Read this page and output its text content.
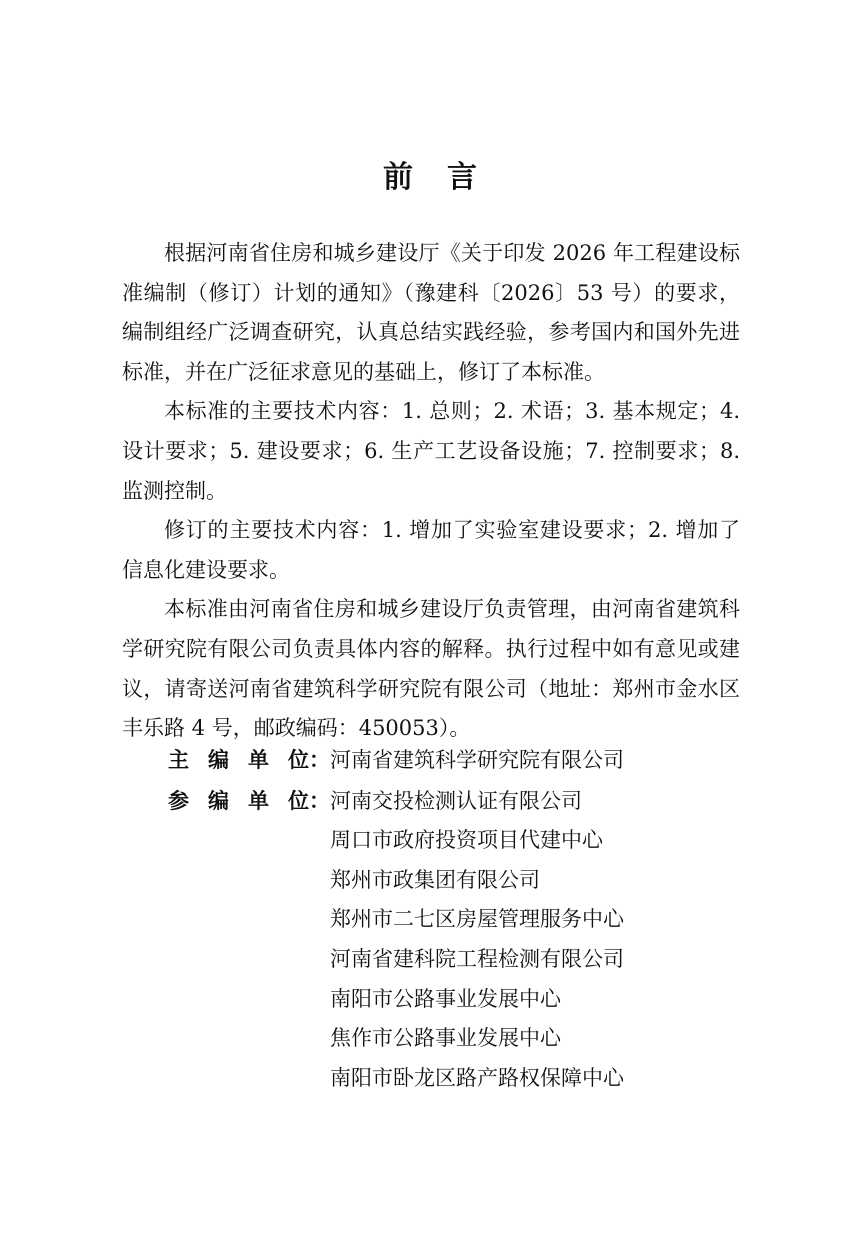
前言

根据河南省住房和城乡建设厅《关于印发 2026 年工程建设标准编制（修订）计划的通知》（豫建科〔2026〕53 号）的要求，编制组经广泛调查研究，认真总结实践经验，参考国内和国外先进标准，并在广泛征求意见的基础上，修订了本标准。

本标准的主要技术内容：1. 总则；2. 术语；3. 基本规定；4. 设计要求；5. 建设要求；6. 生产工艺设备设施；7. 控制要求；8. 监测控制。

修订的主要技术内容：1. 增加了实验室建设要求；2. 增加了信息化建设要求。

本标准由河南省住房和城乡建设厅负责管理，由河南省建筑科学研究院有限公司负责具体内容的解释。执行过程中如有意见或建议，请寄送河南省建筑科学研究院有限公司（地址：郑州市金水区丰乐路 4 号，邮政编码：450053）。

主 编 单 位 ： 河南省建筑科学研究院有限公司
参 编 单 位 ： 河南交投检测认证有限公司
周口市政府投资项目代建中心
郑州市政集团有限公司
郑州市二七区房屋管理服务中心
河南省建科院工程检测有限公司
南阳市公路事业发展中心
焦作市公路事业发展中心
南阳市卧龙区路产路权保障中心
